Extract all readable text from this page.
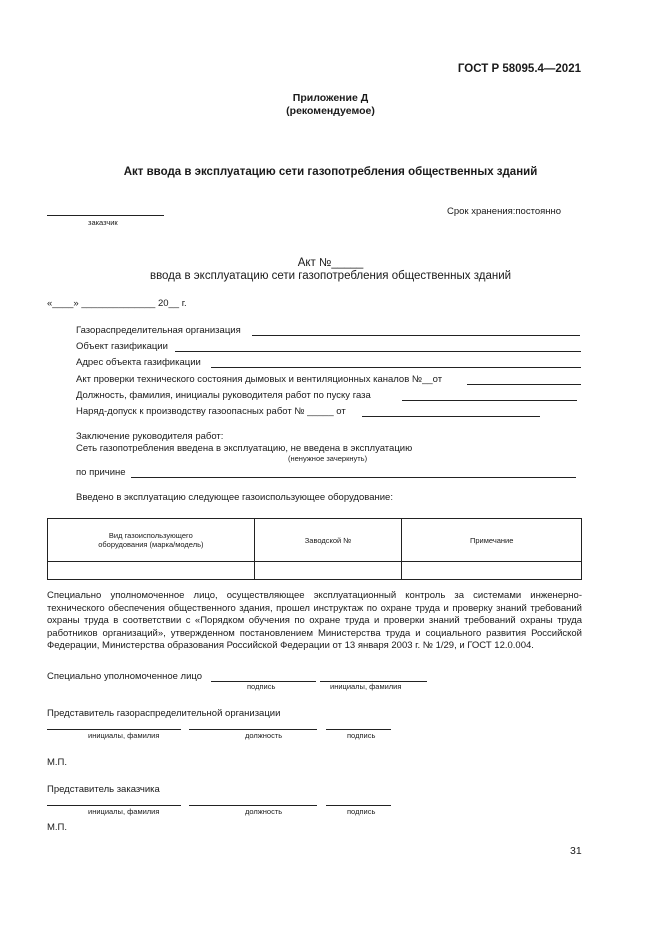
ГОСТ Р 58095.4—2021
Приложение Д
(рекомендуемое)
Акт ввода в эксплуатацию сети газопотребления общественных зданий
заказчик
Срок хранения:постоянно
Акт №_____
ввода в эксплуатацию сети газопотребления общественных зданий
«____» ______________ 20__ г.
Газораспределительная организация
Объект газификации
Адрес объекта газификации
Акт проверки технического состояния дымовых и вентиляционных каналов №__от
Должность, фамилия, инициалы руководителя работ по пуску газа
Наряд-допуск к производству газоопасных работ № _____ от
Заключение руководителя работ:
Сеть газопотребления введена в эксплуатацию, не введена в эксплуатацию
(ненужное зачеркнуть)
по причине
Введено в эксплуатацию следующее газоиспользующее оборудование:
Вид газоиспользующего оборудования (марка/модель)	Заводской №	Примечание

Специально уполномоченное лицо, осуществляющее эксплуатационный контроль за системами инженерно-технического обеспечения общественного здания, прошел инструктаж по охране труда и проверку знаний требований охраны труда в соответствии с «Порядком обучения по охране труда и проверки знаний требований охраны труда работников организаций», утвержденном постановлением Министерства труда и социального развития Российской Федерации, Министерства образования Российской Федерации от 13 января 2003 г. № 1/29, и ГОСТ 12.0.004.
Специально уполномоченное лицо
подпись	инициалы, фамилия
Представитель газораспределительной организации
инициалы, фамилия	должность	подпись
М.П.
Представитель заказчика
инициалы, фамилия	должность	подпись
М.П.
31
